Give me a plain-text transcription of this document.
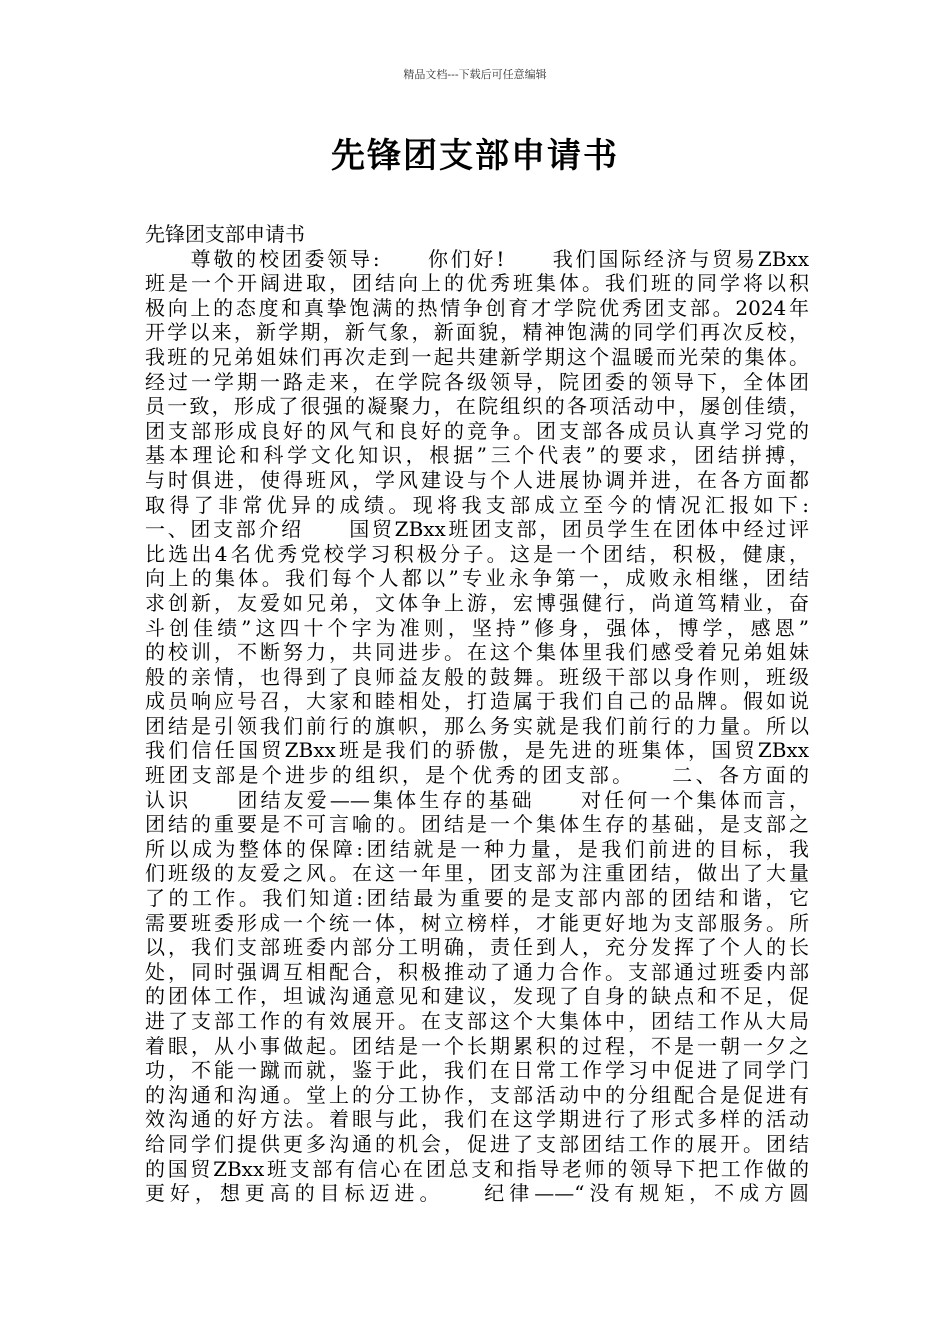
精品文档---下载后可任意编辑
先锋团支部申请书
先锋团支部申请书
　　尊敬的校团委领导:　　你们好!　　我们国际经济与贸易ZBxx
班是一个开阔进取，团结向上的优秀班集体。我们班的同学将以积
极向上的态度和真挚饱满的热情争创育才学院优秀团支部。2024年
开学以来，新学期，新气象，新面貌，精神饱满的同学们再次反校，
我班的兄弟姐妹们再次走到一起共建新学期这个温暖而光荣的集体。
经过一学期一路走来，在学院各级领导，院团委的领导下，全体团
员一致，形成了很强的凝聚力，在院组织的各项活动中，屡创佳绩，
团支部形成良好的风气和良好的竞争。团支部各成员认真学习党的
基本理论和科学文化知识，根据”三个代表”的要求，团结拼搏，
与时俱进，使得班风，学风建设与个人进展协调并进，在各方面都
取得了非常优异的成绩。现将我支部成立至今的情况汇报如下:
一、团支部介绍　　国贸ZBxx班团支部，团员学生在团体中经过评
比选出4名优秀党校学习积极分子。这是一个团结，积极，健康，
向上的集体。我们每个人都以”专业永争第一，成败永相继，团结
求创新，友爱如兄弟，文体争上游，宏博强健行，尚道笃精业，奋
斗创佳绩”这四十个字为准则，坚持”修身，强体，博学，感恩”
的校训，不断努力，共同进步。在这个集体里我们感受着兄弟姐妹
般的亲情，也得到了良师益友般的鼓舞。班级干部以身作则，班级
成员响应号召，大家和睦相处，打造属于我们自己的品牌。假如说
团结是引领我们前行的旗帜，那么务实就是我们前行的力量。所以
我们信任国贸ZBxx班是我们的骄傲，是先进的班集体，国贸ZBxx
班团支部是个进步的组织，是个优秀的团支部。　　二、各方面的
认识　　团结友爱——集体生存的基础　　对任何一个集体而言，
团结的重要是不可言喻的。团结是一个集体生存的基础，是支部之
所以成为整体的保障:团结就是一种力量，是我们前进的目标，我
们班级的友爱之风。在这一年里，团支部为注重团结，做出了大量
了的工作。我们知道:团结最为重要的是支部内部的团结和谐，它
需要班委形成一个统一体，树立榜样，才能更好地为支部服务。所
以，我们支部班委内部分工明确，责任到人，充分发挥了个人的长
处，同时强调互相配合，积极推动了通力合作。支部通过班委内部
的团体工作，坦诚沟通意见和建议，发现了自身的缺点和不足，促
进了支部工作的有效展开。在支部这个大集体中，团结工作从大局
着眼，从小事做起。团结是一个长期累积的过程，不是一朝一夕之
功，不能一蹴而就，鉴于此，我们在日常工作学习中促进了同学门
的沟通和沟通。堂上的分工协作，支部活动中的分组配合是促进有
效沟通的好方法。着眼与此，我们在这学期进行了形式多样的活动
给同学们提供更多沟通的机会，促进了支部团结工作的展开。团结
的国贸ZBxx班支部有信心在团总支和指导老师的领导下把工作做的
更好，想更高的目标迈进。　　纪律——“没有规矩，不成方圆
